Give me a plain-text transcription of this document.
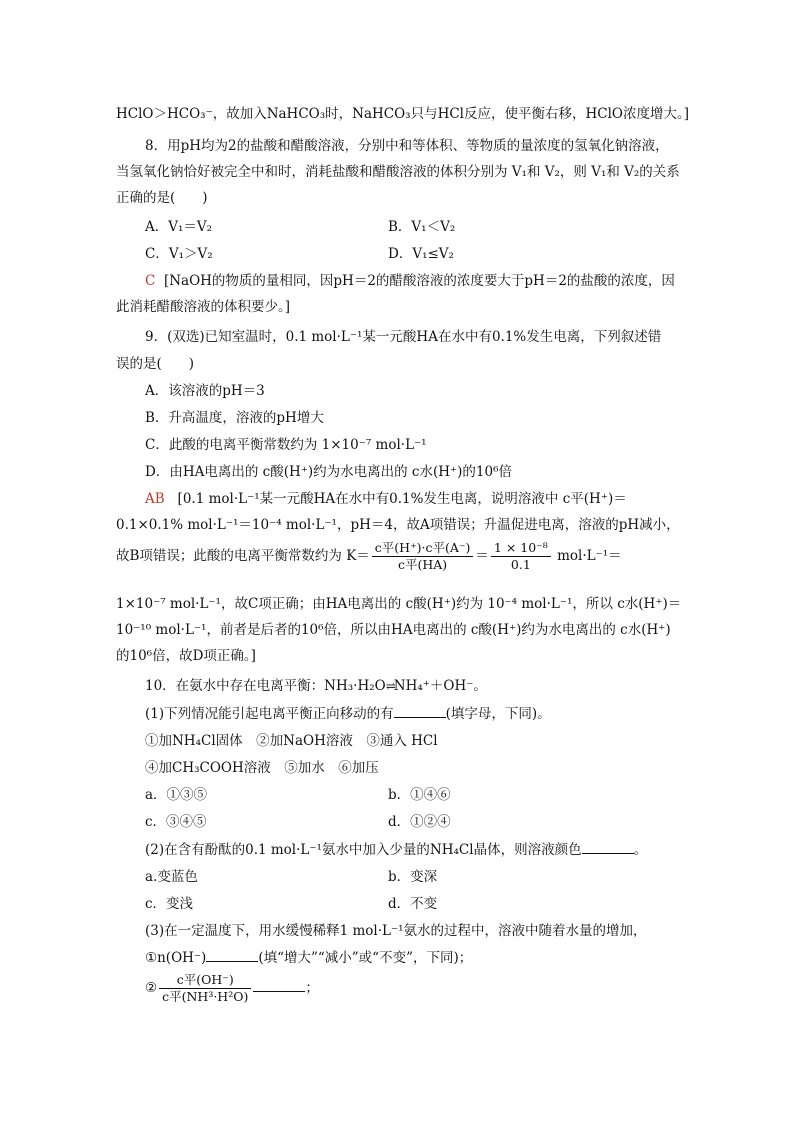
HClO＞HCO₃⁻，故加入NaHCO₃时，NaHCO₃只与HCl反应，使平衡右移，HClO浓度增大。]
8．用pH均为2的盐酸和醋酸溶液，分别中和等体积、等物质的量浓度的氢氧化钠溶液，
当氢氧化钠恰好被完全中和时，消耗盐酸和醋酸溶液的体积分别为 V₁和 V₂，则 V₁和 V₂的关系
正确的是(　　)
A．V₁＝V₂	B．V₁＜V₂
C．V₁＞V₂	D．V₁≤V₂
C [NaOH的物质的量相同，因pH＝2的醋酸溶液的浓度要大于pH＝2的盐酸的浓度，因
此消耗醋酸溶液的体积要少。]
9．(双选)已知室温时，0.1 mol·L⁻¹某一元酸HA在水中有0.1%发生电离，下列叙述错
误的是(　　)
A．该溶液的pH＝3
B．升高温度，溶液的pH增大
C．此酸的电离平衡常数约为 1×10⁻⁷ mol·L⁻¹
D．由HA电离出的 c酸(H⁺)约为水电离出的 c水(H⁺)的10⁶倍
AB [0.1 mol·L⁻¹某一元酸HA在水中有0.1%发生电离，说明溶液中 c平(H⁺)＝
0.1×0.1% mol·L⁻¹＝10⁻⁴ mol·L⁻¹，pH＝4，故A项错误；升温促进电离，溶液的pH减小，
故B项错误；此酸的电离平衡常数约为 $K= \frac{\text{c平(H⁺)·c平(A⁻)}}{\text{c平(HA)}} = \frac{\text{1 × 10⁻⁸}}{0.1} mol\cdot L^{-1}=$
1×10⁻⁷ mol·L⁻¹，故C项正确；由HA电离出的 c酸(H⁺)约为 10⁻⁴ mol·L⁻¹，所以 c水(H⁺)＝
10⁻¹⁰ mol·L⁻¹，前者是后者的10⁶倍，所以由HA电离出的 c酸(H⁺)约为水电离出的 c水(H⁺)
的10⁶倍，故D项正确。]
10．在氨水中存在电离平衡：NH₃·H₂O⇌NH₄⁺＋OH⁻。
(1)下列情况能引起电离平衡正向移动的有	(填字母，下同)。
①加NH₄Cl固体　②加NaOH溶液　③通入 HCl
④加CH₃COOH溶液　⑤加水　⑥加压
a．①③⑤	b．①④⑥
c．③④⑤	d．①②④
(2)在含有酚酞的0.1 mol·L⁻¹氨水中加入少量的NH₄Cl晶体，则溶液颜色	。
a.变蓝色	b．变深
c．变浅	d．不变
(3)在一定温度下，用水缓慢稀释1 mol·L⁻¹氨水的过程中，溶液中随着水量的增加，
①n(OH⁻)	(填“增大”“减小”或“不变”，下同)；
② $\frac{\text{c平(OH⁻)}}{\text{c平(NH³·H²O)}}$	；
